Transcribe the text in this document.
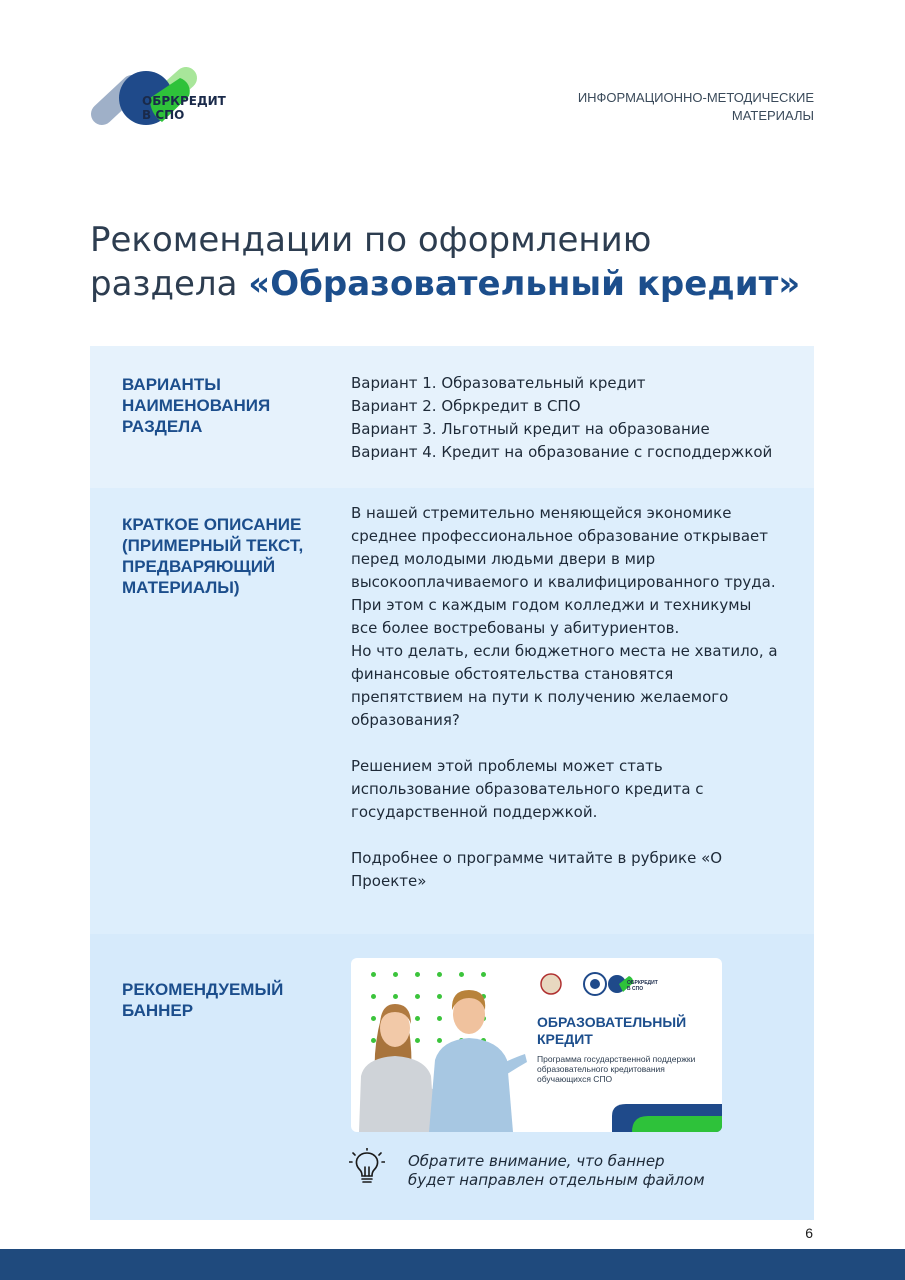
ОБРКРЕДИТ
В СПО
ИНФОРМАЦИОННО-МЕТОДИЧЕСКИЕ
МАТЕРИАЛЫ
Рекомендации по оформлению
раздела «Образовательный кредит»
ВАРИАНТЫ НАИМЕНОВАНИЯ РАЗДЕЛА
Вариант 1. Образовательный кредит
Вариант 2. Обркредит в СПО
Вариант 3. Льготный кредит на образование
Вариант 4. Кредит на образование с господдержкой
КРАТКОЕ ОПИСАНИЕ (ПРИМЕРНЫЙ ТЕКСТ, ПРЕДВАРЯЮЩИЙ МАТЕРИАЛЫ)

В нашей стремительно меняющейся экономике среднее профессиональное образование открывает перед молодыми людьми двери в мир высокооплачиваемого и квалифицированного труда. При этом с каждым годом колледжи и техникумы все более востребованы у абитуриентов.

Но что делать, если бюджетного места не хватило, а финансовые обстоятельства становятся препятствием на пути к получению желаемого образования?

Решением этой проблемы может стать использование образовательного кредита с государственной поддержкой.

Подробнее о программе читайте в рубрике «О Проекте»

РЕКОМЕНДУЕМЫЙ БАННЕР
ОБРКРЕДИТ
В СПО
ОБРАЗОВАТЕЛЬНЫЙ
КРЕДИТ
Программа государственной поддержки образовательного кредитования обучающихся СПО
Обратите внимание, что баннер
будет направлен отдельным файлом
6
